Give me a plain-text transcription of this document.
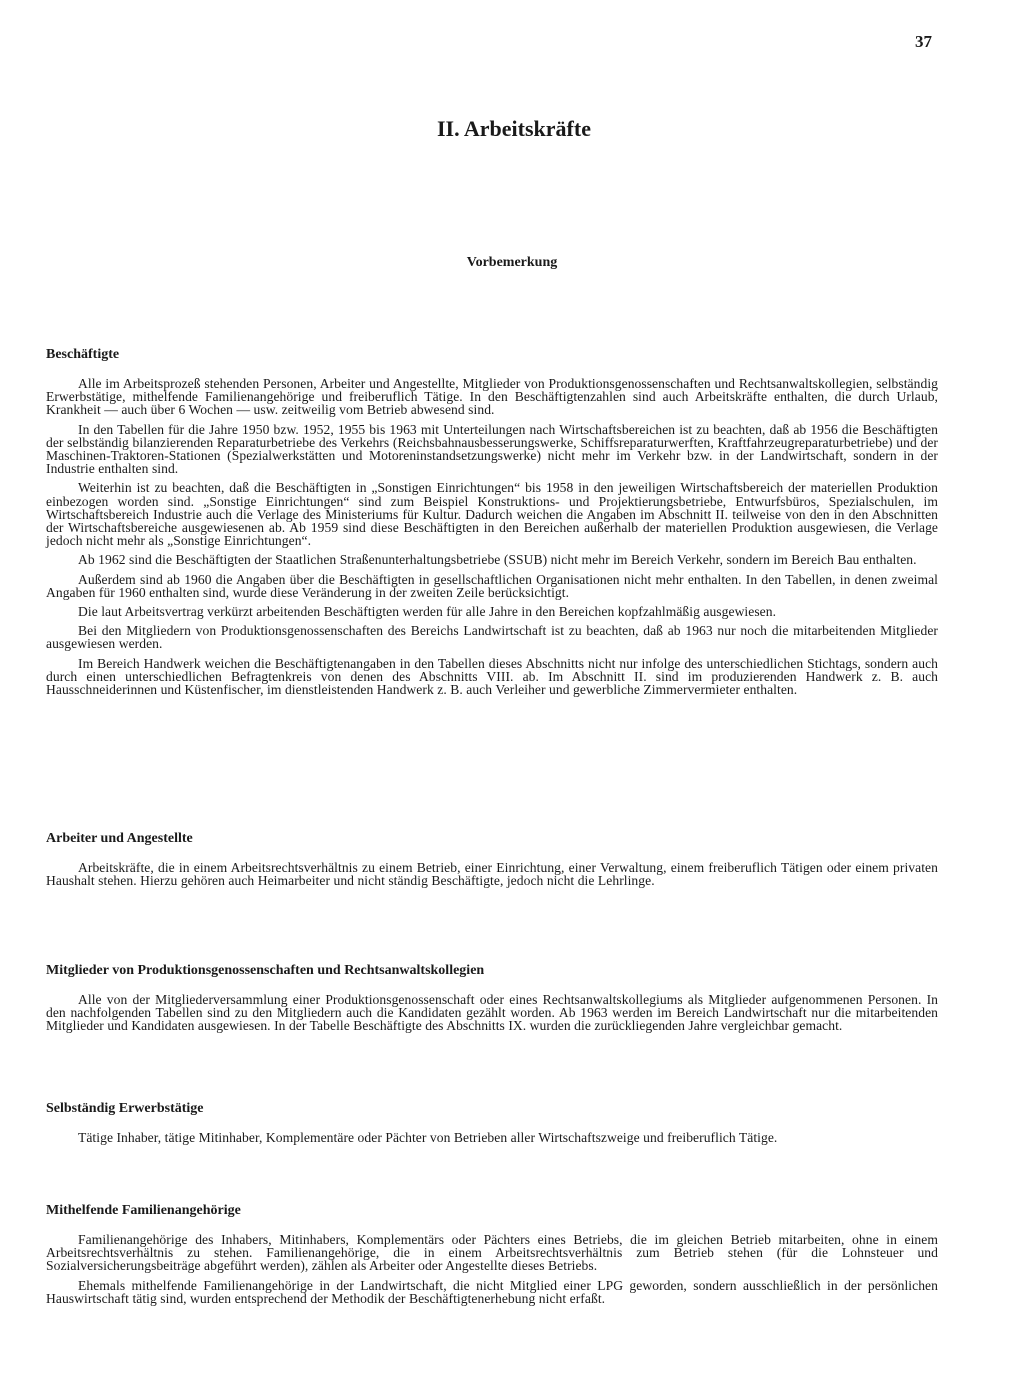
37
II. Arbeitskräfte
Vorbemerkung
Beschäftigte

Alle im Arbeitsprozeß stehenden Personen, Arbeiter und Angestellte, Mitglieder von Produktionsgenossenschaften und Rechtsanwaltskollegien, selbständig Erwerbstätige, mithelfende Familienangehörige und freiberuflich Tätige. In den Beschäftigtenzahlen sind auch Arbeitskräfte enthalten, die durch Urlaub, Krankheit — auch über 6 Wochen — usw. zeitweilig vom Betrieb abwesend sind.

In den Tabellen für die Jahre 1950 bzw. 1952, 1955 bis 1963 mit Unterteilungen nach Wirtschaftsbereichen ist zu beachten, daß ab 1956 die Beschäftigten der selbständig bilanzierenden Reparaturbetriebe des Verkehrs (Reichsbahnausbesserungswerke, Schiffsreparaturwerften, Kraftfahrzeugreparaturbetriebe) und der Maschinen-Traktoren-Stationen (Spezialwerkstätten und Motoreninstandsetzungswerke) nicht mehr im Verkehr bzw. in der Landwirtschaft, sondern in der Industrie enthalten sind.

Weiterhin ist zu beachten, daß die Beschäftigten in „Sonstigen Einrichtungen“ bis 1958 in den jeweiligen Wirtschaftsbereich der materiellen Produktion einbezogen worden sind. „Sonstige Einrichtungen“ sind zum Beispiel Konstruktions- und Projektierungsbetriebe, Entwurfsbüros, Spezialschulen, im Wirtschaftsbereich Industrie auch die Verlage des Ministeriums für Kultur. Dadurch weichen die Angaben im Abschnitt II. teilweise von den in den Abschnitten der Wirtschaftsbereiche ausgewiesenen ab. Ab 1959 sind diese Beschäftigten in den Bereichen außerhalb der materiellen Produktion ausgewiesen, die Verlage jedoch nicht mehr als „Sonstige Einrichtungen“.

Ab 1962 sind die Beschäftigten der Staatlichen Straßenunterhaltungsbetriebe (SSUB) nicht mehr im Bereich Verkehr, sondern im Bereich Bau enthalten.

Außerdem sind ab 1960 die Angaben über die Beschäftigten in gesellschaftlichen Organisationen nicht mehr enthalten. In den Tabellen, in denen zweimal Angaben für 1960 enthalten sind, wurde diese Veränderung in der zweiten Zeile berücksichtigt.

Die laut Arbeitsvertrag verkürzt arbeitenden Beschäftigten werden für alle Jahre in den Bereichen kopfzahlmäßig ausgewiesen.

Bei den Mitgliedern von Produktionsgenossenschaften des Bereichs Landwirtschaft ist zu beachten, daß ab 1963 nur noch die mitarbeitenden Mitglieder ausgewiesen werden.

Im Bereich Handwerk weichen die Beschäftigtenangaben in den Tabellen dieses Abschnitts nicht nur infolge des unterschiedlichen Stichtags, sondern auch durch einen unterschiedlichen Befragtenkreis von denen des Abschnitts VIII. ab. Im Abschnitt II. sind im produzierenden Handwerk z. B. auch Hausschneiderinnen und Küstenfischer, im dienstleistenden Handwerk z. B. auch Verleiher und gewerbliche Zimmervermieter enthalten.

Arbeiter und Angestellte

Arbeitskräfte, die in einem Arbeitsrechtsverhältnis zu einem Betrieb, einer Einrichtung, einer Verwaltung, einem freiberuflich Tätigen oder einem privaten Haushalt stehen. Hierzu gehören auch Heimarbeiter und nicht ständig Beschäftigte, jedoch nicht die Lehrlinge.

Mitglieder von Produktionsgenossenschaften und Rechtsanwaltskollegien

Alle von der Mitgliederversammlung einer Produktionsgenossenschaft oder eines Rechtsanwaltskollegiums als Mitglieder aufgenommenen Personen. In den nachfolgenden Tabellen sind zu den Mitgliedern auch die Kandidaten gezählt worden. Ab 1963 werden im Bereich Landwirtschaft nur die mitarbeitenden Mitglieder und Kandidaten ausgewiesen. In der Tabelle Beschäftigte des Abschnitts IX. wurden die zurückliegenden Jahre vergleichbar gemacht.

Selbständig Erwerbstätige

Tätige Inhaber, tätige Mitinhaber, Komplementäre oder Pächter von Betrieben aller Wirtschaftszweige und freiberuflich Tätige.

Mithelfende Familienangehörige

Familienangehörige des Inhabers, Mitinhabers, Komplementärs oder Pächters eines Betriebs, die im gleichen Betrieb mitarbeiten, ohne in einem Arbeitsrechtsverhältnis zu stehen. Familienangehörige, die in einem Arbeitsrechtsverhältnis zum Betrieb stehen (für die Lohnsteuer und Sozialversicherungsbeiträge abgeführt werden), zählen als Arbeiter oder Angestellte dieses Betriebs.

Ehemals mithelfende Familienangehörige in der Landwirtschaft, die nicht Mitglied einer LPG geworden, sondern ausschließlich in der persönlichen Hauswirtschaft tätig sind, wurden entsprechend der Methodik der Beschäftigtenerhebung nicht erfaßt.
